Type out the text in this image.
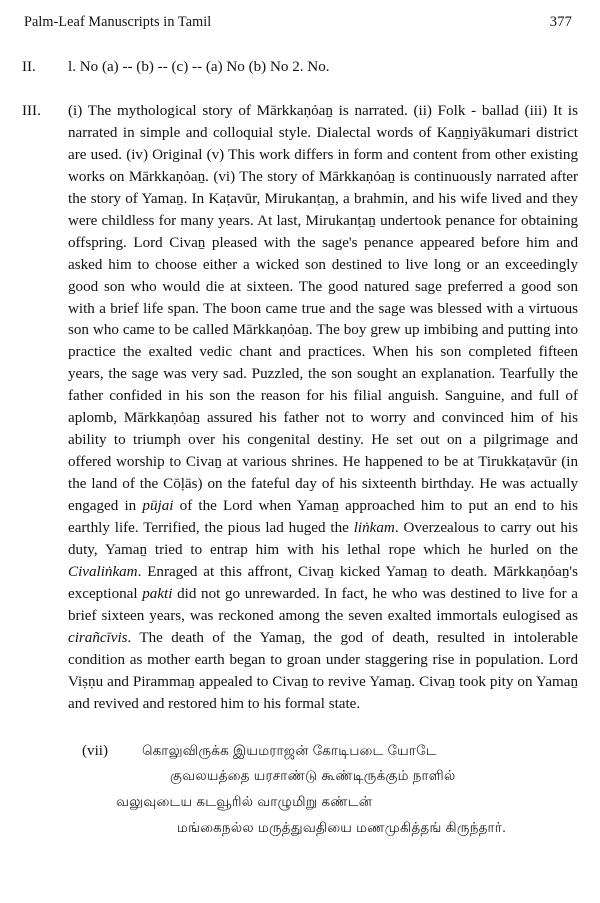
Palm-Leaf Manuscripts in Tamil	377
II.	l. No (a) -- (b) -- (c) -- (a) No (b) No 2. No.
III.	(i) The mythological story of Mārkkaṇỏaṉ is narrated. (ii) Folk - ballad (iii) It is narrated in simple and colloquial style. Dialectal words of Kaṉṉiyākumari district are used. (iv) Original (v) This work differs in form and content from other existing works on Mārkkaṇỏaṉ. (vi) The story of Mārkkaṇỏaṉ is continuously narrated after the story of Yamaṉ. In Kaṭavūr, Mirukanṭaṉ, a brahmin, and his wife lived and they were childless for many years. At last, Mirukanṭaṉ undertook penance for obtaining offspring. Lord Civaṉ pleased with the sage's penance appeared before him and asked him to choose either a wicked son destined to live long or an exceedingly good son who would die at sixteen. The good natured sage preferred a good son with a brief life span. The boon came true and the sage was blessed with a virtuous son who came to be called Mārkkaṇỏaṉ. The boy grew up imbibing and putting into practice the exalted vedic chant and practices. When his son completed fifteen years, the sage was very sad. Puzzled, the son sought an explanation. Tearfully the father confided in his son the reason for his filial anguish. Sanguine, and full of aplomb, Mārkkaṇỏaṉ assured his father not to worry and convinced him of his ability to triumph over his congenital destiny. He set out on a pilgrimage and offered worship to Civaṉ at various shrines. He happened to be at Tirukkaṭavūr (in the land of the Cōḷās) on the fateful day of his sixteenth birthday. He was actually engaged in pūjai of the Lord when Yamaṉ approached him to put an end to his earthly life. Terrified, the pious lad huged the liṅkam. Overzealous to carry out his duty, Yamaṉ tried to entrap him with his lethal rope which he hurled on the Civaliṅkam. Enraged at this affront, Civaṉ kicked Yamaṉ to death. Mārkkaṇỏaṉ's exceptional pakti did not go unrewarded. In fact, he who was destined to live for a brief sixteen years, was reckoned among the seven exalted immortals eulogised as cirañcīvis. The death of the Yamaṉ, the god of death, resulted in intolerable condition as mother earth began to groan under staggering rise in population. Lord Viṣṇu and Pirammaṉ appealed to Civaṉ to revive Yamaṉ. Civaṉ took pity on Yamaṉ and revived and restored him to his formal state.
(vii)	கொலுவிருக்க இயமராஜன் கோடிபடை யோடே
குவலயத்தை யரசாண்டு கூண்டிருக்கும் நாளில்
வலுவுடைய கடவூரில் வாழுமிறு கண்டன்
மங்கைநல்ல மருத்துவதியை மணமுகித்தங் கிருந்தார்.
